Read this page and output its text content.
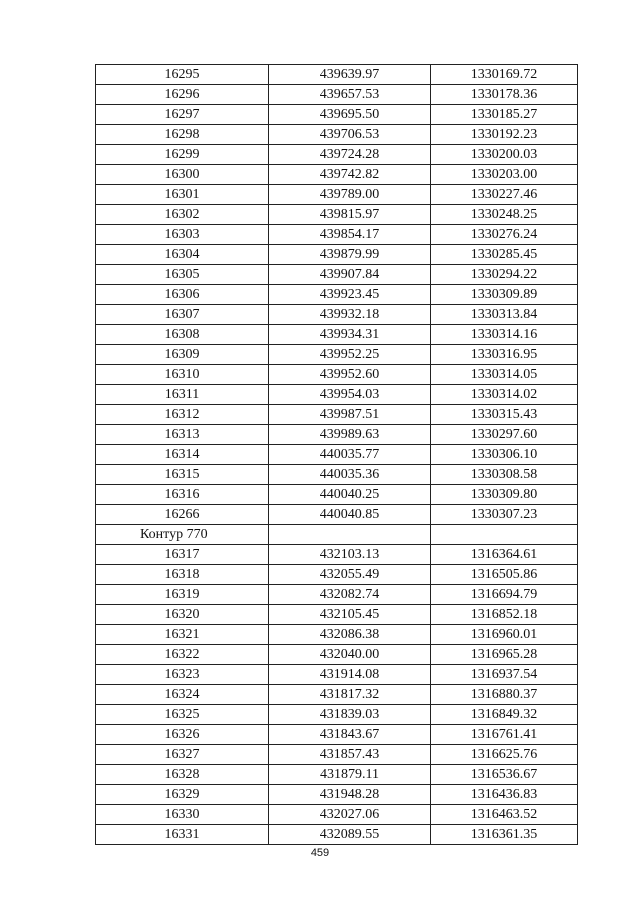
16295	439639.97	1330169.72
16296	439657.53	1330178.36
16297	439695.50	1330185.27
16298	439706.53	1330192.23
16299	439724.28	1330200.03
16300	439742.82	1330203.00
16301	439789.00	1330227.46
16302	439815.97	1330248.25
16303	439854.17	1330276.24
16304	439879.99	1330285.45
16305	439907.84	1330294.22
16306	439923.45	1330309.89
16307	439932.18	1330313.84
16308	439934.31	1330314.16
16309	439952.25	1330316.95
16310	439952.60	1330314.05
16311	439954.03	1330314.02
16312	439987.51	1330315.43
16313	439989.63	1330297.60
16314	440035.77	1330306.10
16315	440035.36	1330308.58
16316	440040.25	1330309.80
16266	440040.85	1330307.23
Контур 770		
16317	432103.13	1316364.61
16318	432055.49	1316505.86
16319	432082.74	1316694.79
16320	432105.45	1316852.18
16321	432086.38	1316960.01
16322	432040.00	1316965.28
16323	431914.08	1316937.54
16324	431817.32	1316880.37
16325	431839.03	1316849.32
16326	431843.67	1316761.41
16327	431857.43	1316625.76
16328	431879.11	1316536.67
16329	431948.28	1316436.83
16330	432027.06	1316463.52
16331	432089.55	1316361.35
459
